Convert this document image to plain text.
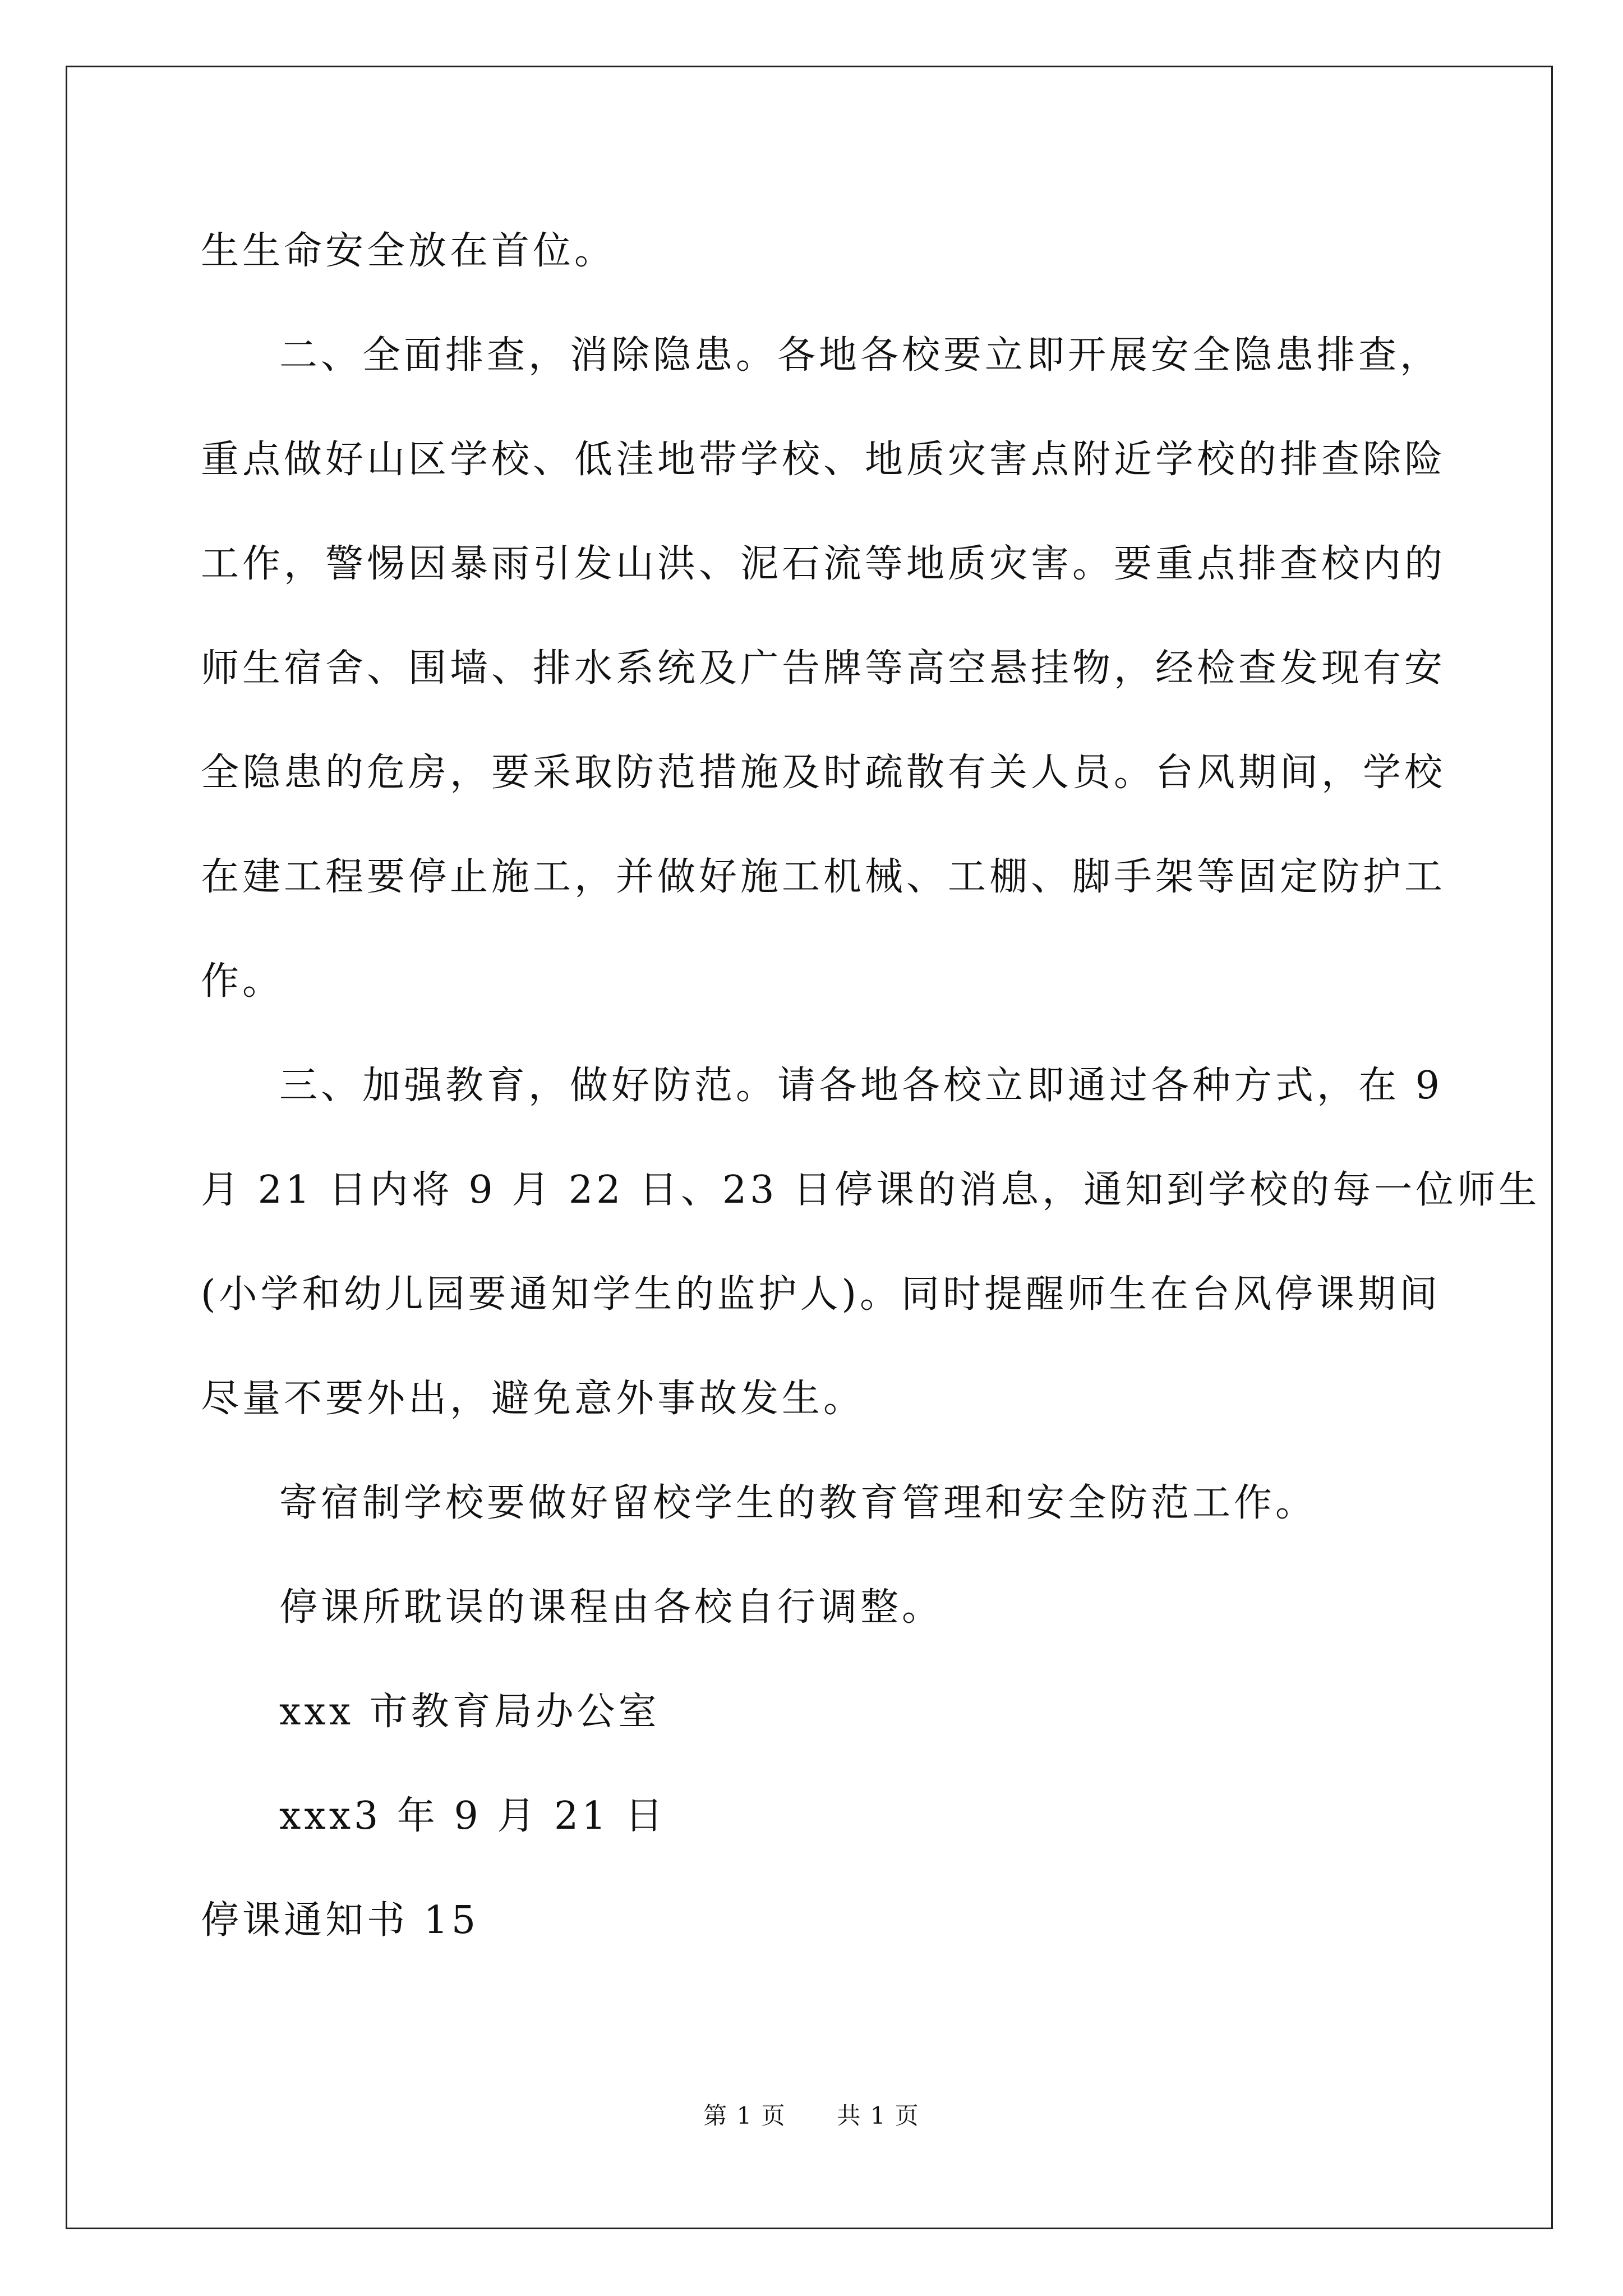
生生命安全放在首位。
二、全面排查，消除隐患。各地各校要立即开展安全隐患排查，
重点做好山区学校、低洼地带学校、地质灾害点附近学校的排查除险
工作，警惕因暴雨引发山洪、泥石流等地质灾害。要重点排查校内的
师生宿舍、围墙、排水系统及广告牌等高空悬挂物，经检查发现有安
全隐患的危房，要采取防范措施及时疏散有关人员。台风期间，学校
在建工程要停止施工，并做好施工机械、工棚、脚手架等固定防护工
作。
三、加强教育，做好防范。请各地各校立即通过各种方式，在 9
月 21 日内将 9 月 22 日、23 日停课的消息，通知到学校的每一位师生
(小学和幼儿园要通知学生的监护人)。同时提醒师生在台风停课期间
尽量不要外出，避免意外事故发生。
寄宿制学校要做好留校学生的教育管理和安全防范工作。
停课所耽误的课程由各校自行调整。
xxx 市教育局办公室
xxx3 年 9 月 21 日
停课通知书 15
第 1 页 共 1 页
